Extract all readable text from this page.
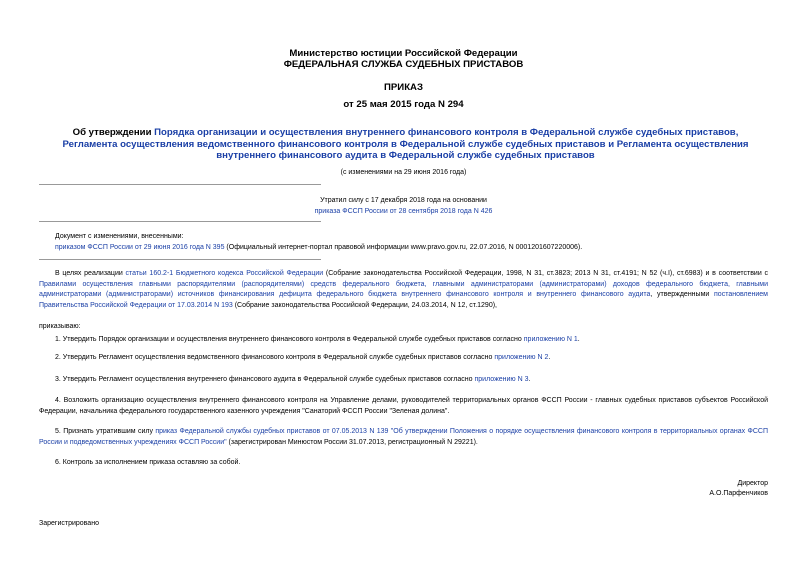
Министерство юстиции Российской Федерации
ФЕДЕРАЛЬНАЯ СЛУЖБА СУДЕБНЫХ ПРИСТАВОВ
ПРИКАЗ
от 25 мая 2015 года N 294
Об утверждении Порядка организации и осуществления внутреннего финансового контроля в Федеральной службе судебных приставов, Регламента осуществления ведомственного финансового контроля в Федеральной службе судебных приставов и Регламента осуществления внутреннего финансового аудита в Федеральной службе судебных приставов
(с изменениями на 29 июня 2016 года)
Утратил силу с 17 декабря 2018 года на основании
приказа ФССП России от 28 сентября 2018 года N 426
Документ с изменениями, внесенными:
приказом ФССП России от 29 июня 2016 года N 395 (Официальный интернет-портал правовой информации www.pravo.gov.ru, 22.07.2016, N 0001201607220006).
В целях реализации статьи 160.2-1 Бюджетного кодекса Российской Федерации (Собрание законодательства Российской Федерации, 1998, N 31, ст.3823; 2013 N 31, ст.4191; N 52 (ч.I), ст.6983) и в соответствии с Правилами осуществления главными распорядителями (распорядителями) средств федерального бюджета, главными администраторами (администраторами) доходов федерального бюджета, главными администраторами (администраторами) источников финансирования дефицита федерального бюджета внутреннего финансового контроля и внутреннего финансового аудита, утвержденными постановлением Правительства Российской Федерации от 17.03.2014 N 193 (Собрание законодательства Российской Федерации, 24.03.2014, N 12, ст.1290),
приказываю:
1. Утвердить Порядок организации и осуществления внутреннего финансового контроля в Федеральной службе судебных приставов согласно приложению N 1.
2. Утвердить Регламент осуществления ведомственного финансового контроля в Федеральной службе судебных приставов согласно приложению N 2.
3. Утвердить Регламент осуществления внутреннего финансового аудита в Федеральной службе судебных приставов согласно приложению N 3.
4. Возложить организацию осуществления внутреннего финансового контроля на Управление делами, руководителей территориальных органов ФССП России - главных судебных приставов субъектов Российской Федерации, начальника федерального государственного казенного учреждения "Санаторий ФССП России "Зеленая долина".
5. Признать утратившим силу приказ Федеральной службы судебных приставов от 07.05.2013 N 139 "Об утверждении Положения о порядке осуществления финансового контроля в территориальных органах ФССП России и подведомственных учреждениях ФССП России" (зарегистрирован Минюстом России 31.07.2013, регистрационный N 29221).
6. Контроль за исполнением приказа оставляю за собой.
Директор
А.О.Парфенчиков
Зарегистрировано
